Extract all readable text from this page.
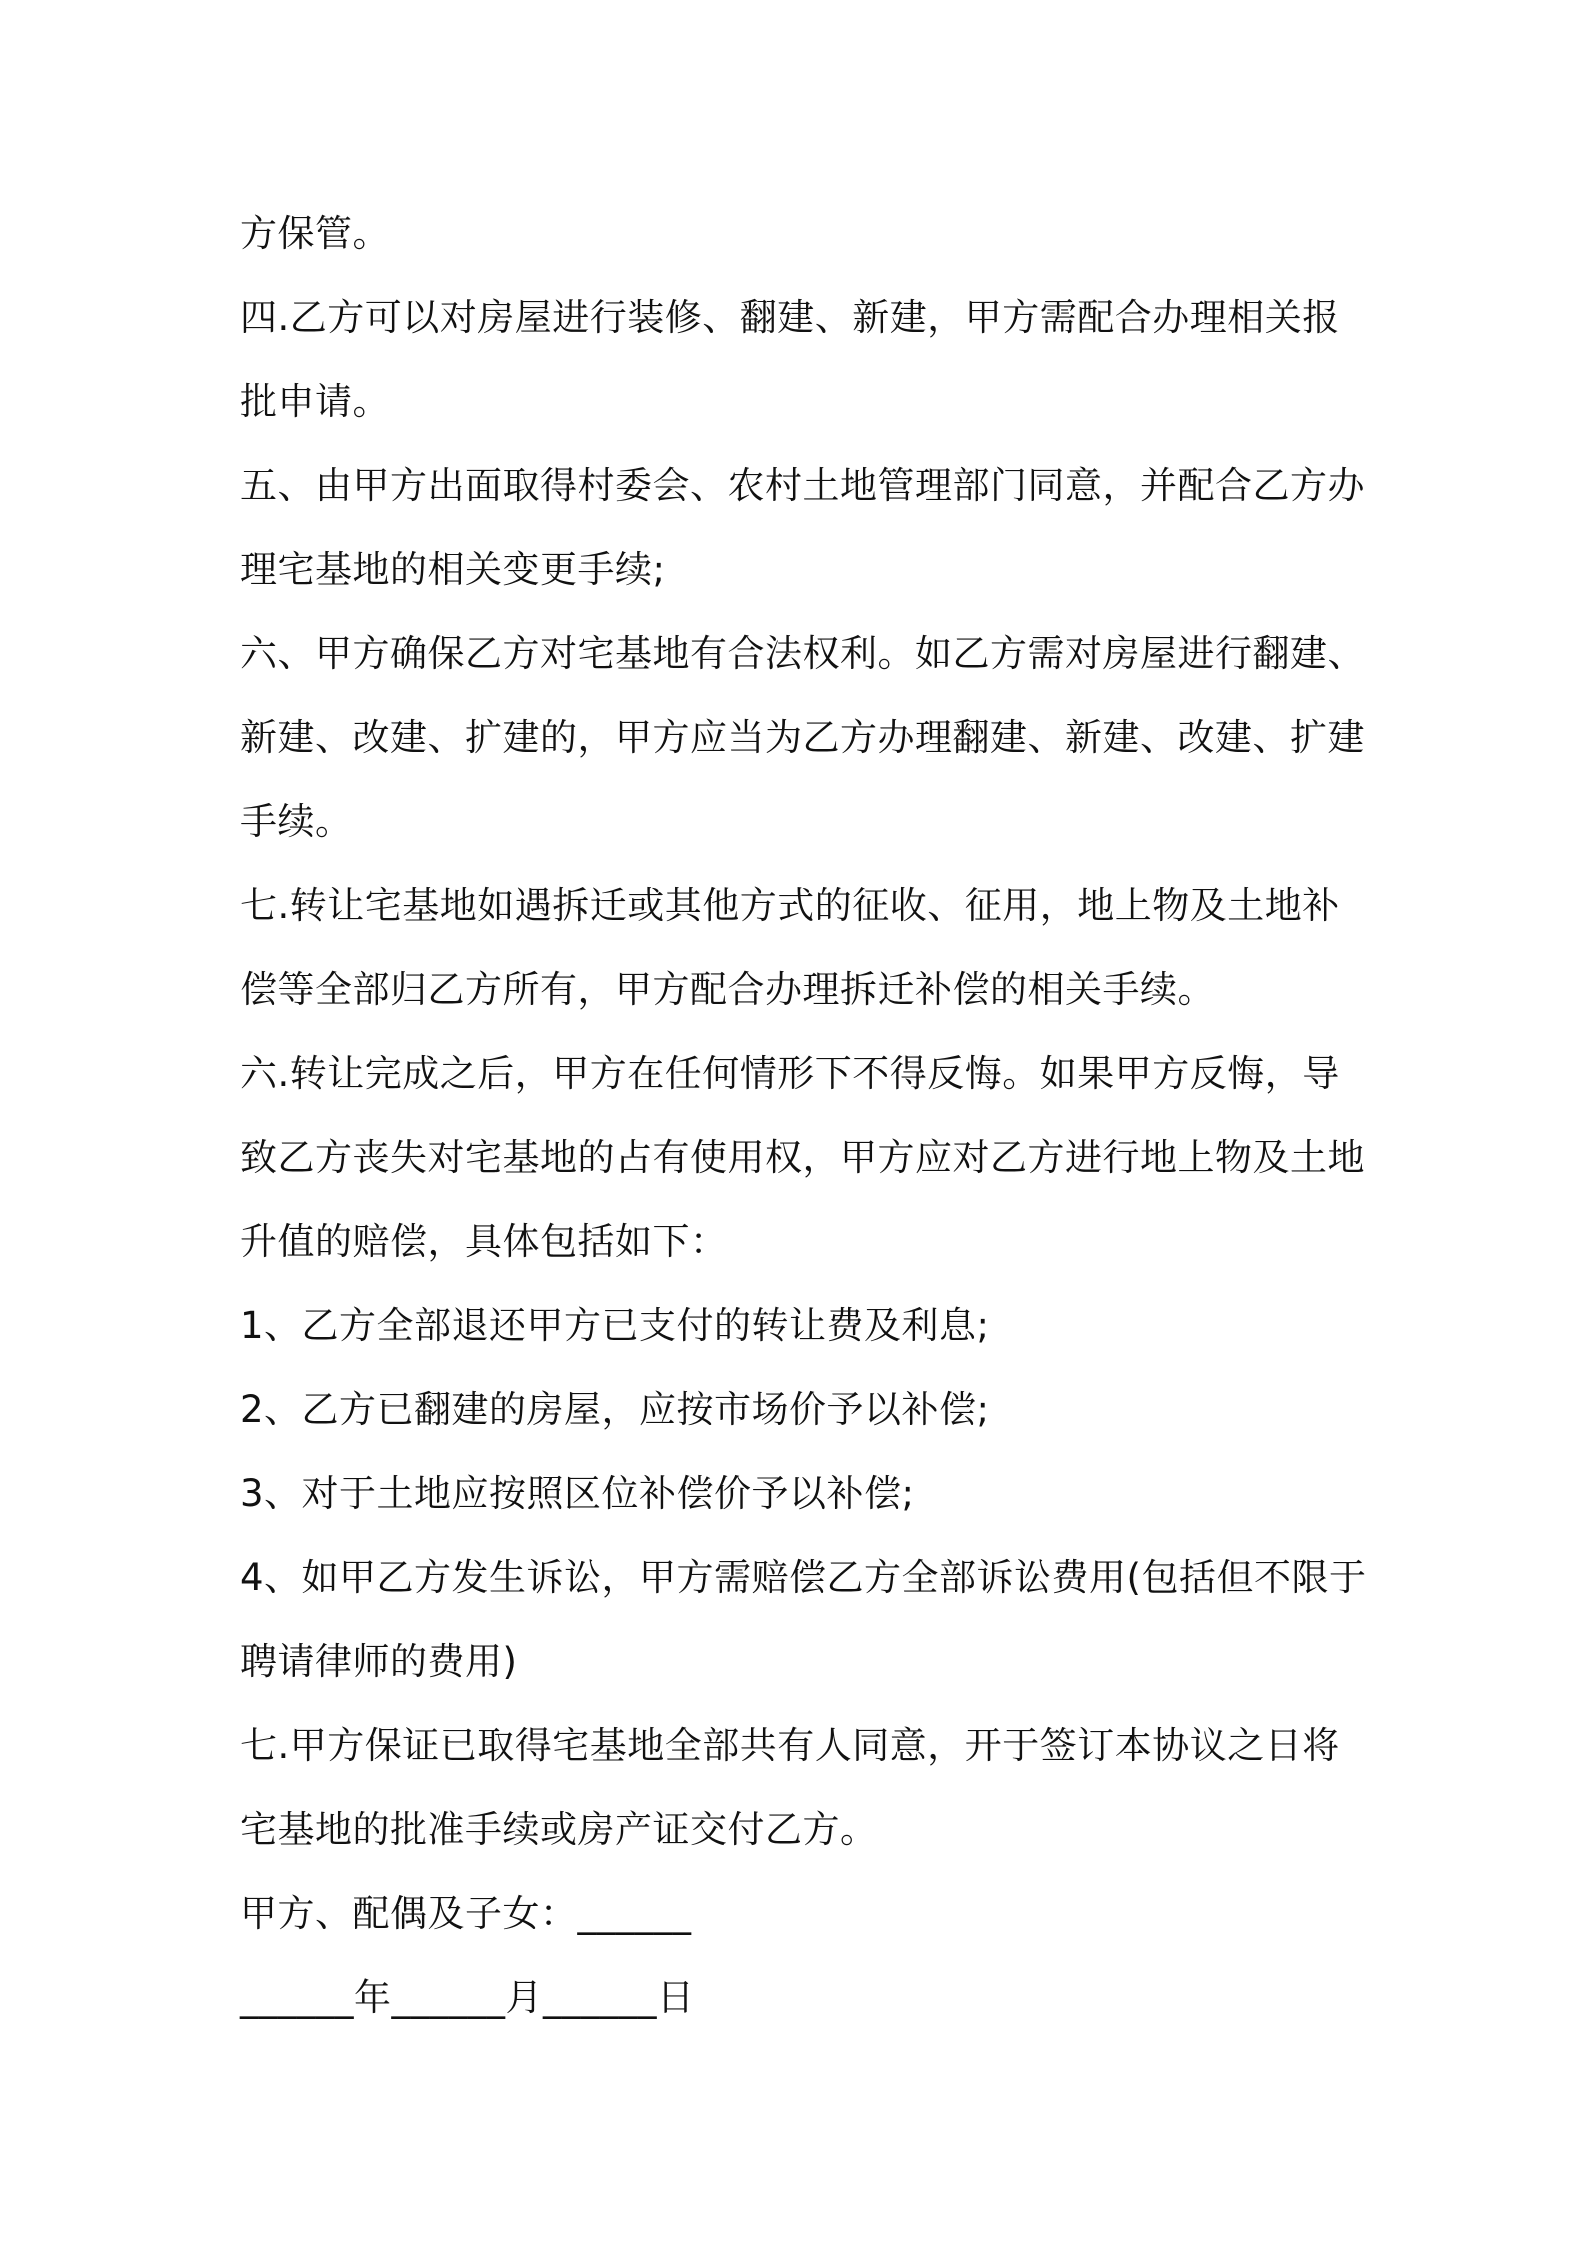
方保管。
四.乙方可以对房屋进行装修、翻建、新建，甲方需配合办理相关报
批申请。
五、由甲方出面取得村委会、农村土地管理部门同意，并配合乙方办
理宅基地的相关变更手续;
六、甲方确保乙方对宅基地有合法权利。如乙方需对房屋进行翻建、
新建、改建、扩建的，甲方应当为乙方办理翻建、新建、改建、扩建
手续。
七.转让宅基地如遇拆迁或其他方式的征收、征用，地上物及土地补
偿等全部归乙方所有，甲方配合办理拆迁补偿的相关手续。
六.转让完成之后，甲方在任何情形下不得反悔。如果甲方反悔，导
致乙方丧失对宅基地的占有使用权，甲方应对乙方进行地上物及土地
升值的赔偿，具体包括如下：
1、乙方全部退还甲方已支付的转让费及利息;
2、乙方已翻建的房屋，应按市场价予以补偿;
3、对于土地应按照区位补偿价予以补偿;
4、如甲乙方发生诉讼，甲方需赔偿乙方全部诉讼费用(包括但不限于
聘请律师的费用)
七.甲方保证已取得宅基地全部共有人同意，开于签订本协议之日将
宅基地的批准手续或房产证交付乙方。
甲方、配偶及子女：______
______年______月______日
